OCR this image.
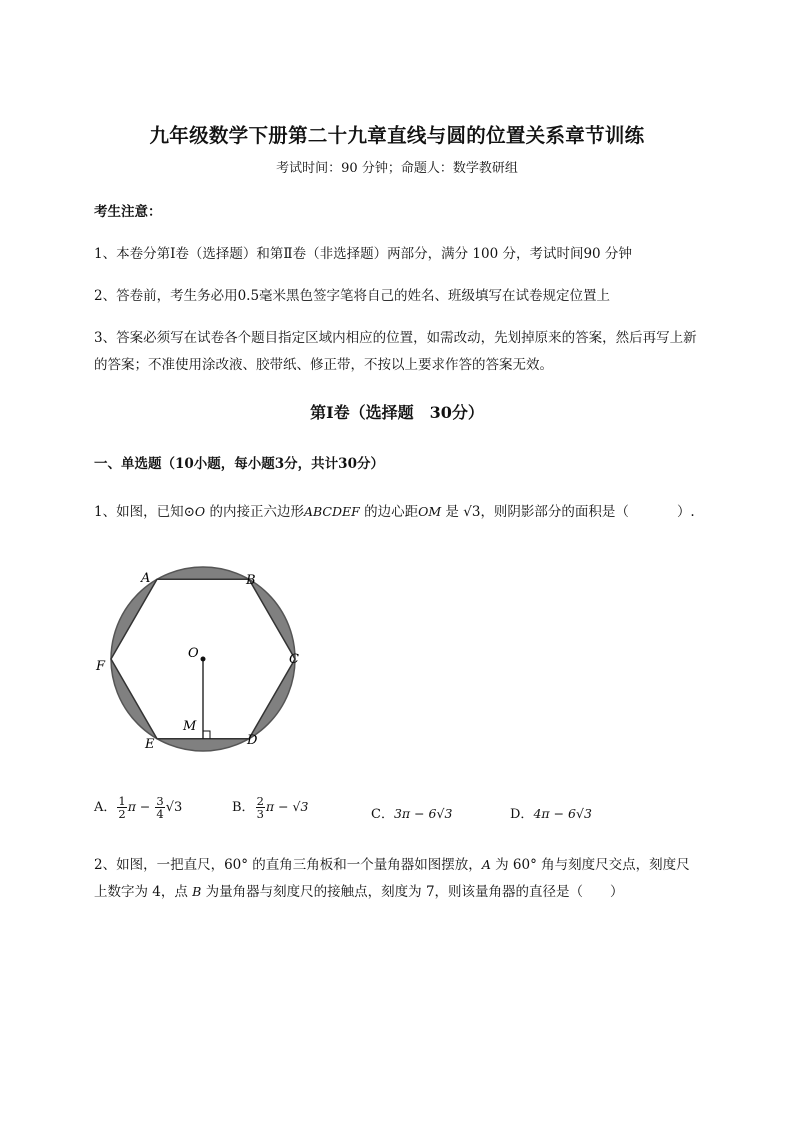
九年级数学下册第二十九章直线与圆的位置关系章节训练
考试时间：90 分钟；命题人：数学教研组
考生注意：
1、本卷分第Ⅰ卷（选择题）和第Ⅱ卷（非选择题）两部分，满分 100 分，考试时间90 分钟
2、答卷前，考生务必用0.5毫米黑色签字笔将自己的姓名、班级填写在试卷规定位置上
3、答案必须写在试卷各个题目指定区域内相应的位置，如需改动，先划掉原来的答案，然后再写上新
的答案；不准使用涂改液、胶带纸、修正带，不按以上要求作答的答案无效。
第Ⅰ卷（选择题　30分）
一、单选题（10小题，每小题3分，共计30分）
1、如图，已知⊙O 的内接正六边形ABCDEF 的边心距OM 是 √3，则阴影部分的面积是（	）.
A	B
C
D
E
F
O
M
A． $\frac{1}{2}$ $\pi - \frac{3}{4} √3$	B． $\frac{2}{3}$ π − √3
C．3π − 6√3	D．4π − 6√3
2、如图，一把直尺，60° 的直角三角板和一个量角器如图摆放，A 为 60° 角与刻度尺交点，刻度尺
上数字为 4，点 B 为量角器与刻度尺的接触点，刻度为 7，则该量角器的直径是（　　）
